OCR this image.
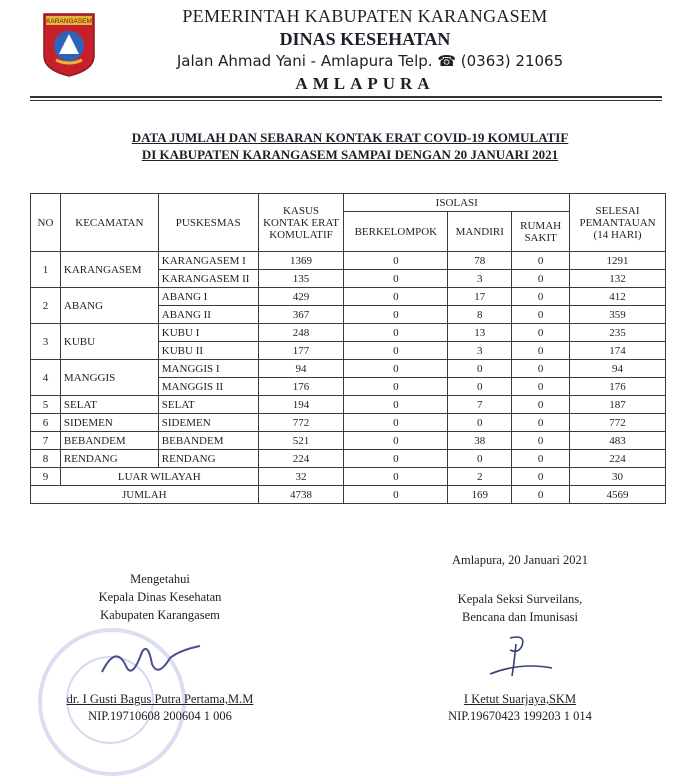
KARANGASEM	PEMERINTAH KABUPATEN KARANGASEM
DINAS KESEHATAN
Jalan Ahmad Yani - Amlapura Telp. ☎ (0363) 21065
AMLAPURA
DATA JUMLAH DAN SEBARAN KONTAK ERAT COVID-19 KOMULATIF
DI KABUPATEN KARANGASEM SAMPAI DENGAN 20 JANUARI 2021
NO	KECAMATAN	PUSKESMAS	KASUS KONTAK ERAT KOMULATIF	ISOLASI			SELESAI PEMANTAUAN (14 HARI)
				BERKELOMPOK	MANDIRI	RUMAH SAKIT	
1	KARANGASEM	KARANGASEM I	1369	0	78	0	1291
		KARANGASEM II	135	0	3	0	132
2	ABANG	ABANG I	429	0	17	0	412
		ABANG II	367	0	8	0	359
3	KUBU	KUBU I	248	0	13	0	235
		KUBU II	177	0	3	0	174
4	MANGGIS	MANGGIS I	94	0	0	0	94
		MANGGIS II	176	0	0	0	176
5	SELAT	SELAT	194	0	7	0	187
6	SIDEMEN	SIDEMEN	772	0	0	0	772
7	BEBANDEM	BEBANDEM	521	0	38	0	483
8	RENDANG	RENDANG	224	0	0	0	224
9	LUAR WILAYAH		32	0	2	0	30
JUMLAH			4738	0	169	0	4569
Mengetahui
Kepala Dinas Kesehatan
Kabupaten Karangasem
dr. I Gusti Bagus Putra Pertama,M.M
NIP.19710608 200604 1 006
Amlapura, 20 Januari 2021
Kepala Seksi Surveilans,
Bencana dan Imunisasi
I Ketut Suarjaya,SKM
NIP.19670423 199203 1 014
